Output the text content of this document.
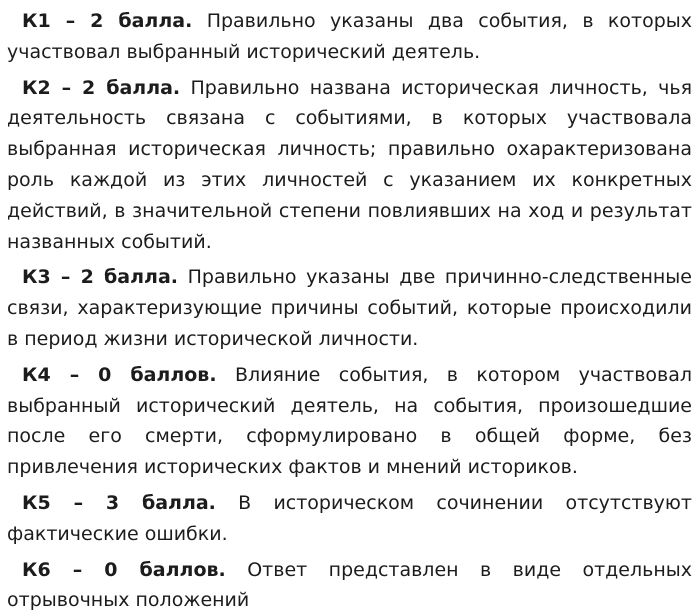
К1 – 2 балла. Правильно указаны два события, в которых участвовал выбранный исторический деятель.

К2 – 2 балла. Правильно названа историческая личность, чья деятельность связана с событиями, в которых участвовала выбранная историческая личность; правильно охарактеризована роль каждой из этих личностей с указанием их конкретных действий, в значительной степени повлиявших на ход и результат названных событий.

К3 – 2 балла. Правильно указаны две причинно-следственные связи, характеризующие причины событий, которые происходили в период жизни исторической личности.

К4 – 0 баллов. Влияние события, в котором участвовал выбранный исторический деятель, на события, произошедшие после его смерти, сформулировано в общей форме, без привлечения исторических фактов и мнений историков.

К5 – 3 балла. В историческом сочинении отсутствуют фактические ошибки.

К6 – 0 баллов. Ответ представлен в виде отдельных отрывочных положений
